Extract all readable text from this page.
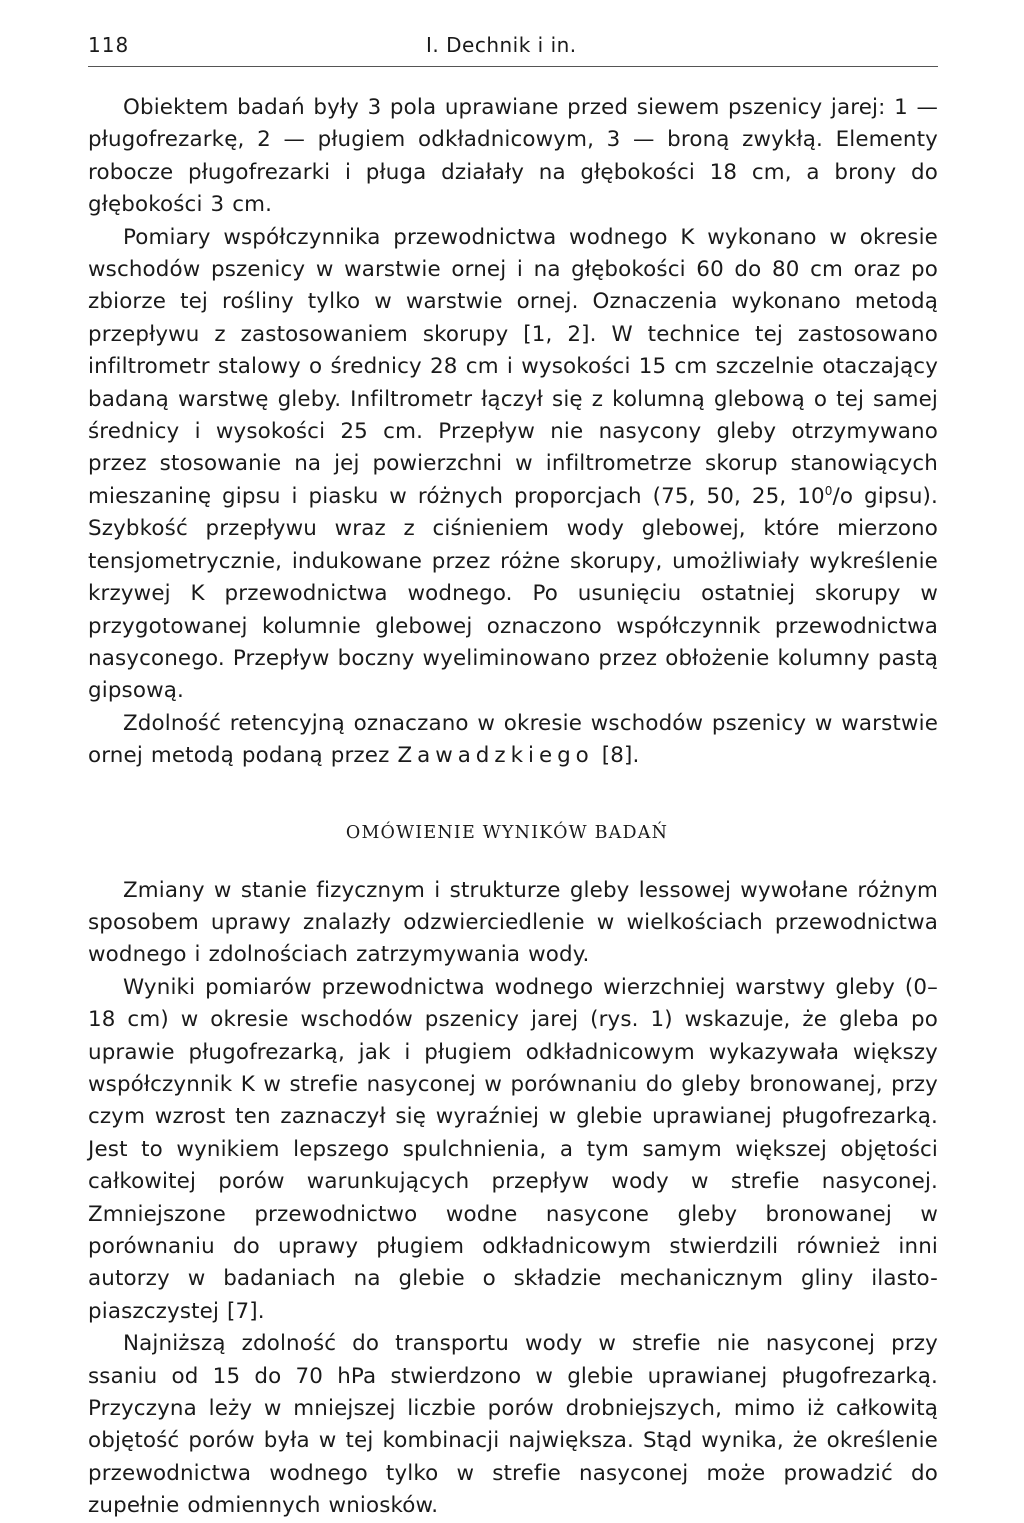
118	I. Dechnik i in.

Obiektem badań były 3 pola uprawiane przed siewem pszenicy jarej: 1 — pługofrezarkę, 2 — pługiem odkładnicowym, 3 — broną zwykłą. Elementy robocze pługofrezarki i pługa działały na głębokości 18 cm, a brony do głębokości 3 cm.

Pomiary współczynnika przewodnictwa wodnego K wykonano w okresie wschodów pszenicy w warstwie ornej i na głębokości 60 do 80 cm oraz po zbiorze tej rośliny tylko w warstwie ornej. Oznaczenia wykonano metodą przepływu z zastosowaniem skorupy [1, 2]. W technice tej zastosowano infiltrometr stalowy o średnicy 28 cm i wysokości 15 cm szczelnie otaczający badaną warstwę gleby. Infiltrometr łączył się z kolumną glebową o tej samej średnicy i wysokości 25 cm. Przepływ nie nasycony gleby otrzymywano przez stosowanie na jej powierzchni w infiltrometrze skorup stanowiących mieszaninę gipsu i piasku w różnych proporcjach (75, 50, 25, $10^0/o$ gipsu). Szybkość przepływu wraz z ciśnieniem wody glebowej, które mierzono tensjometrycznie, indukowane przez różne skorupy, umożliwiały wykreślenie krzywej K przewodnictwa wodnego. Po usunięciu ostatniej skorupy w przygotowanej kolumnie glebowej oznaczono współczynnik przewodnictwa nasyconego. Przepływ boczny wyeliminowano przez obłożenie kolumny pastą gipsową.

Zdolność retencyjną oznaczano w okresie wschodów pszenicy w warstwie ornej metodą podaną przez Zawadzkiego [8].

OMÓWIENIE WYNIKÓW BADAŃ

Zmiany w stanie fizycznym i strukturze gleby lessowej wywołane różnym sposobem uprawy znalazły odzwierciedlenie w wielkościach przewodnictwa wodnego i zdolnościach zatrzymywania wody.

Wyniki pomiarów przewodnictwa wodnego wierzchniej warstwy gleby (0–18 cm) w okresie wschodów pszenicy jarej (rys. 1) wskazuje, że gleba po uprawie pługofrezarką, jak i pługiem odkładnicowym wykazywała większy współczynnik K w strefie nasyconej w porównaniu do gleby bronowanej, przy czym wzrost ten zaznaczył się wyraźniej w glebie uprawianej pługofrezarką. Jest to wynikiem lepszego spulchnienia, a tym samym większej objętości całkowitej porów warunkujących przepływ wody w strefie nasyconej. Zmniejszone przewodnictwo wodne nasycone gleby bronowanej w porównaniu do uprawy pługiem odkładnicowym stwierdzili również inni autorzy w badaniach na glebie o składzie mechanicznym gliny ilasto-piaszczystej [7].

Najniższą zdolność do transportu wody w strefie nie nasyconej przy ssaniu od 15 do 70 hPa stwierdzono w glebie uprawianej pługofrezarką. Przyczyna leży w mniejszej liczbie porów drobniejszych, mimo iż całkowitą objętość porów była w tej kombinacji największa. Stąd wynika, że określenie przewodnictwa wodnego tylko w strefie nasyconej może prowadzić do zupełnie odmiennych wniosków.
